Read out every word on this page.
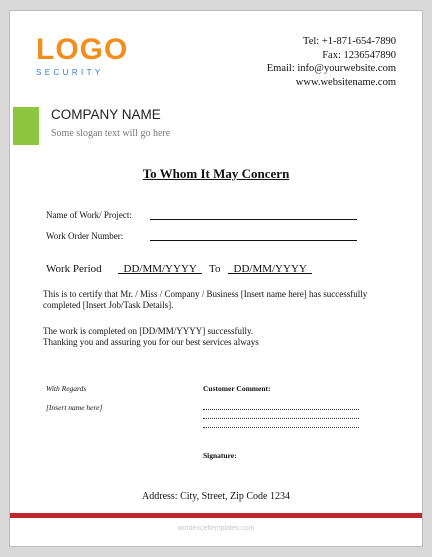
LOGO
SECURITY
Tel: +1-871-654-7890
Fax: 1236547890
Email: info@yourwebsite.com
www.websitename.com
COMPANY NAME
Some slogan text will go here
To Whom It May Concern
Name of Work/ Project:
Work Order Number:
Work Period DD/MM/YYYY To DD/MM/YYYY
This is to certify that Mr. / Miss / Company / Business [Insert name here] has successfully completed [Insert Job/Task Details].
The work is completed on [DD/MM/YYYY] successfully.
Thanking you and assuring you for our best services always
With Regards
[Insert name here]
Customer Comment:
Signature:
Address: City, Street, Zip Code 1234
wordexceltemplates.com
